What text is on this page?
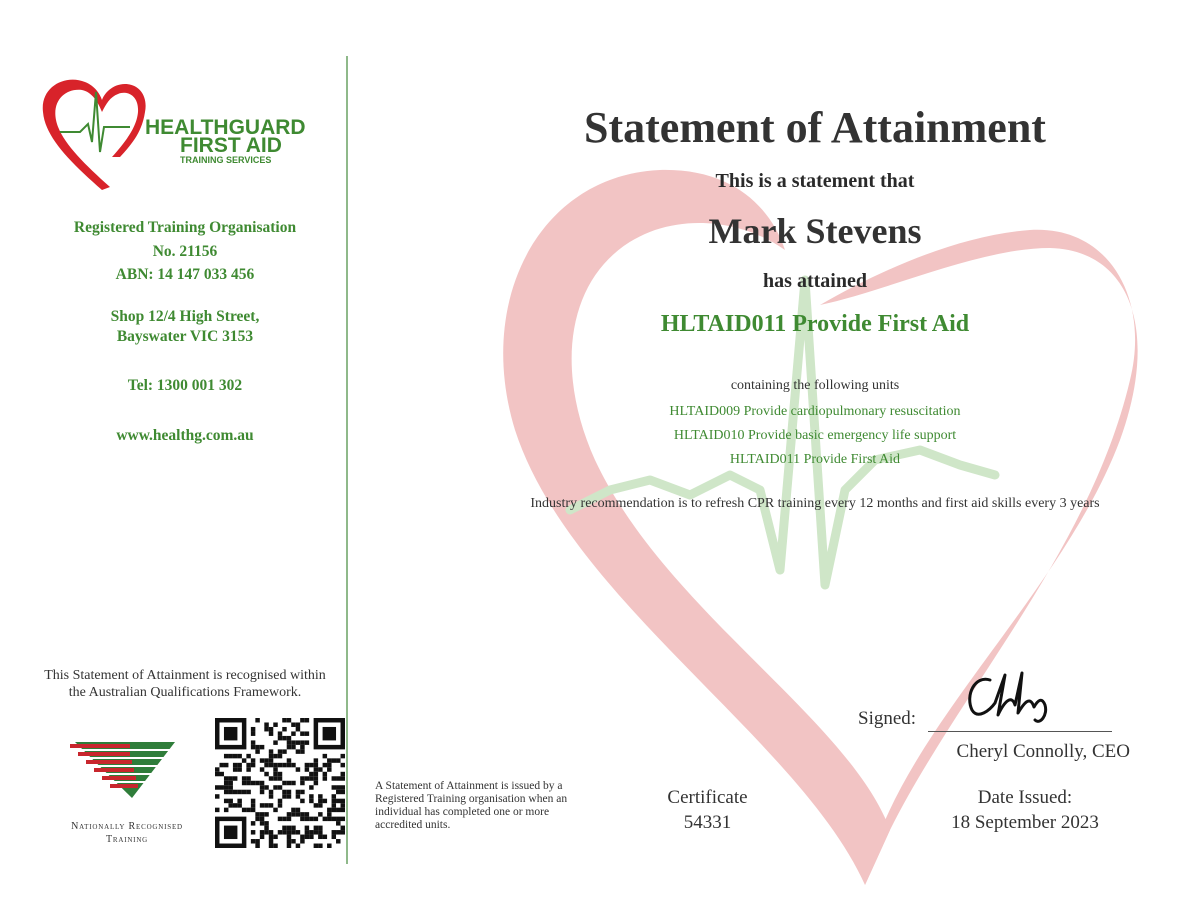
HEALTHGUARD
FIRST AID
TRAINING SERVICES
Registered Training Organisation
No. 21156
ABN: 14 147 033 456
Shop 12/4 High Street,
Bayswater VIC 3153
Tel: 1300 001 302
www.healthg.com.au
This Statement of Attainment is recognised within the Australian Qualifications Framework.
Nationally Recognised
Training
Statement of Attainment
This is a statement that
Mark Stevens
has attained
HLTAID011 Provide First Aid
containing the following units
HLTAID009 Provide cardiopulmonary resuscitation
HLTAID010 Provide basic emergency life support
HLTAID011 Provide First Aid
Industry recommendation is to refresh CPR training every 12 months and first aid skills every 3 years
Signed:
Cheryl Connolly, CEO
A Statement of Attainment is issued by a Registered Training organisation when an individual has completed one or more accredited units.
Certificate
54331
Date Issued:
18 September 2023
